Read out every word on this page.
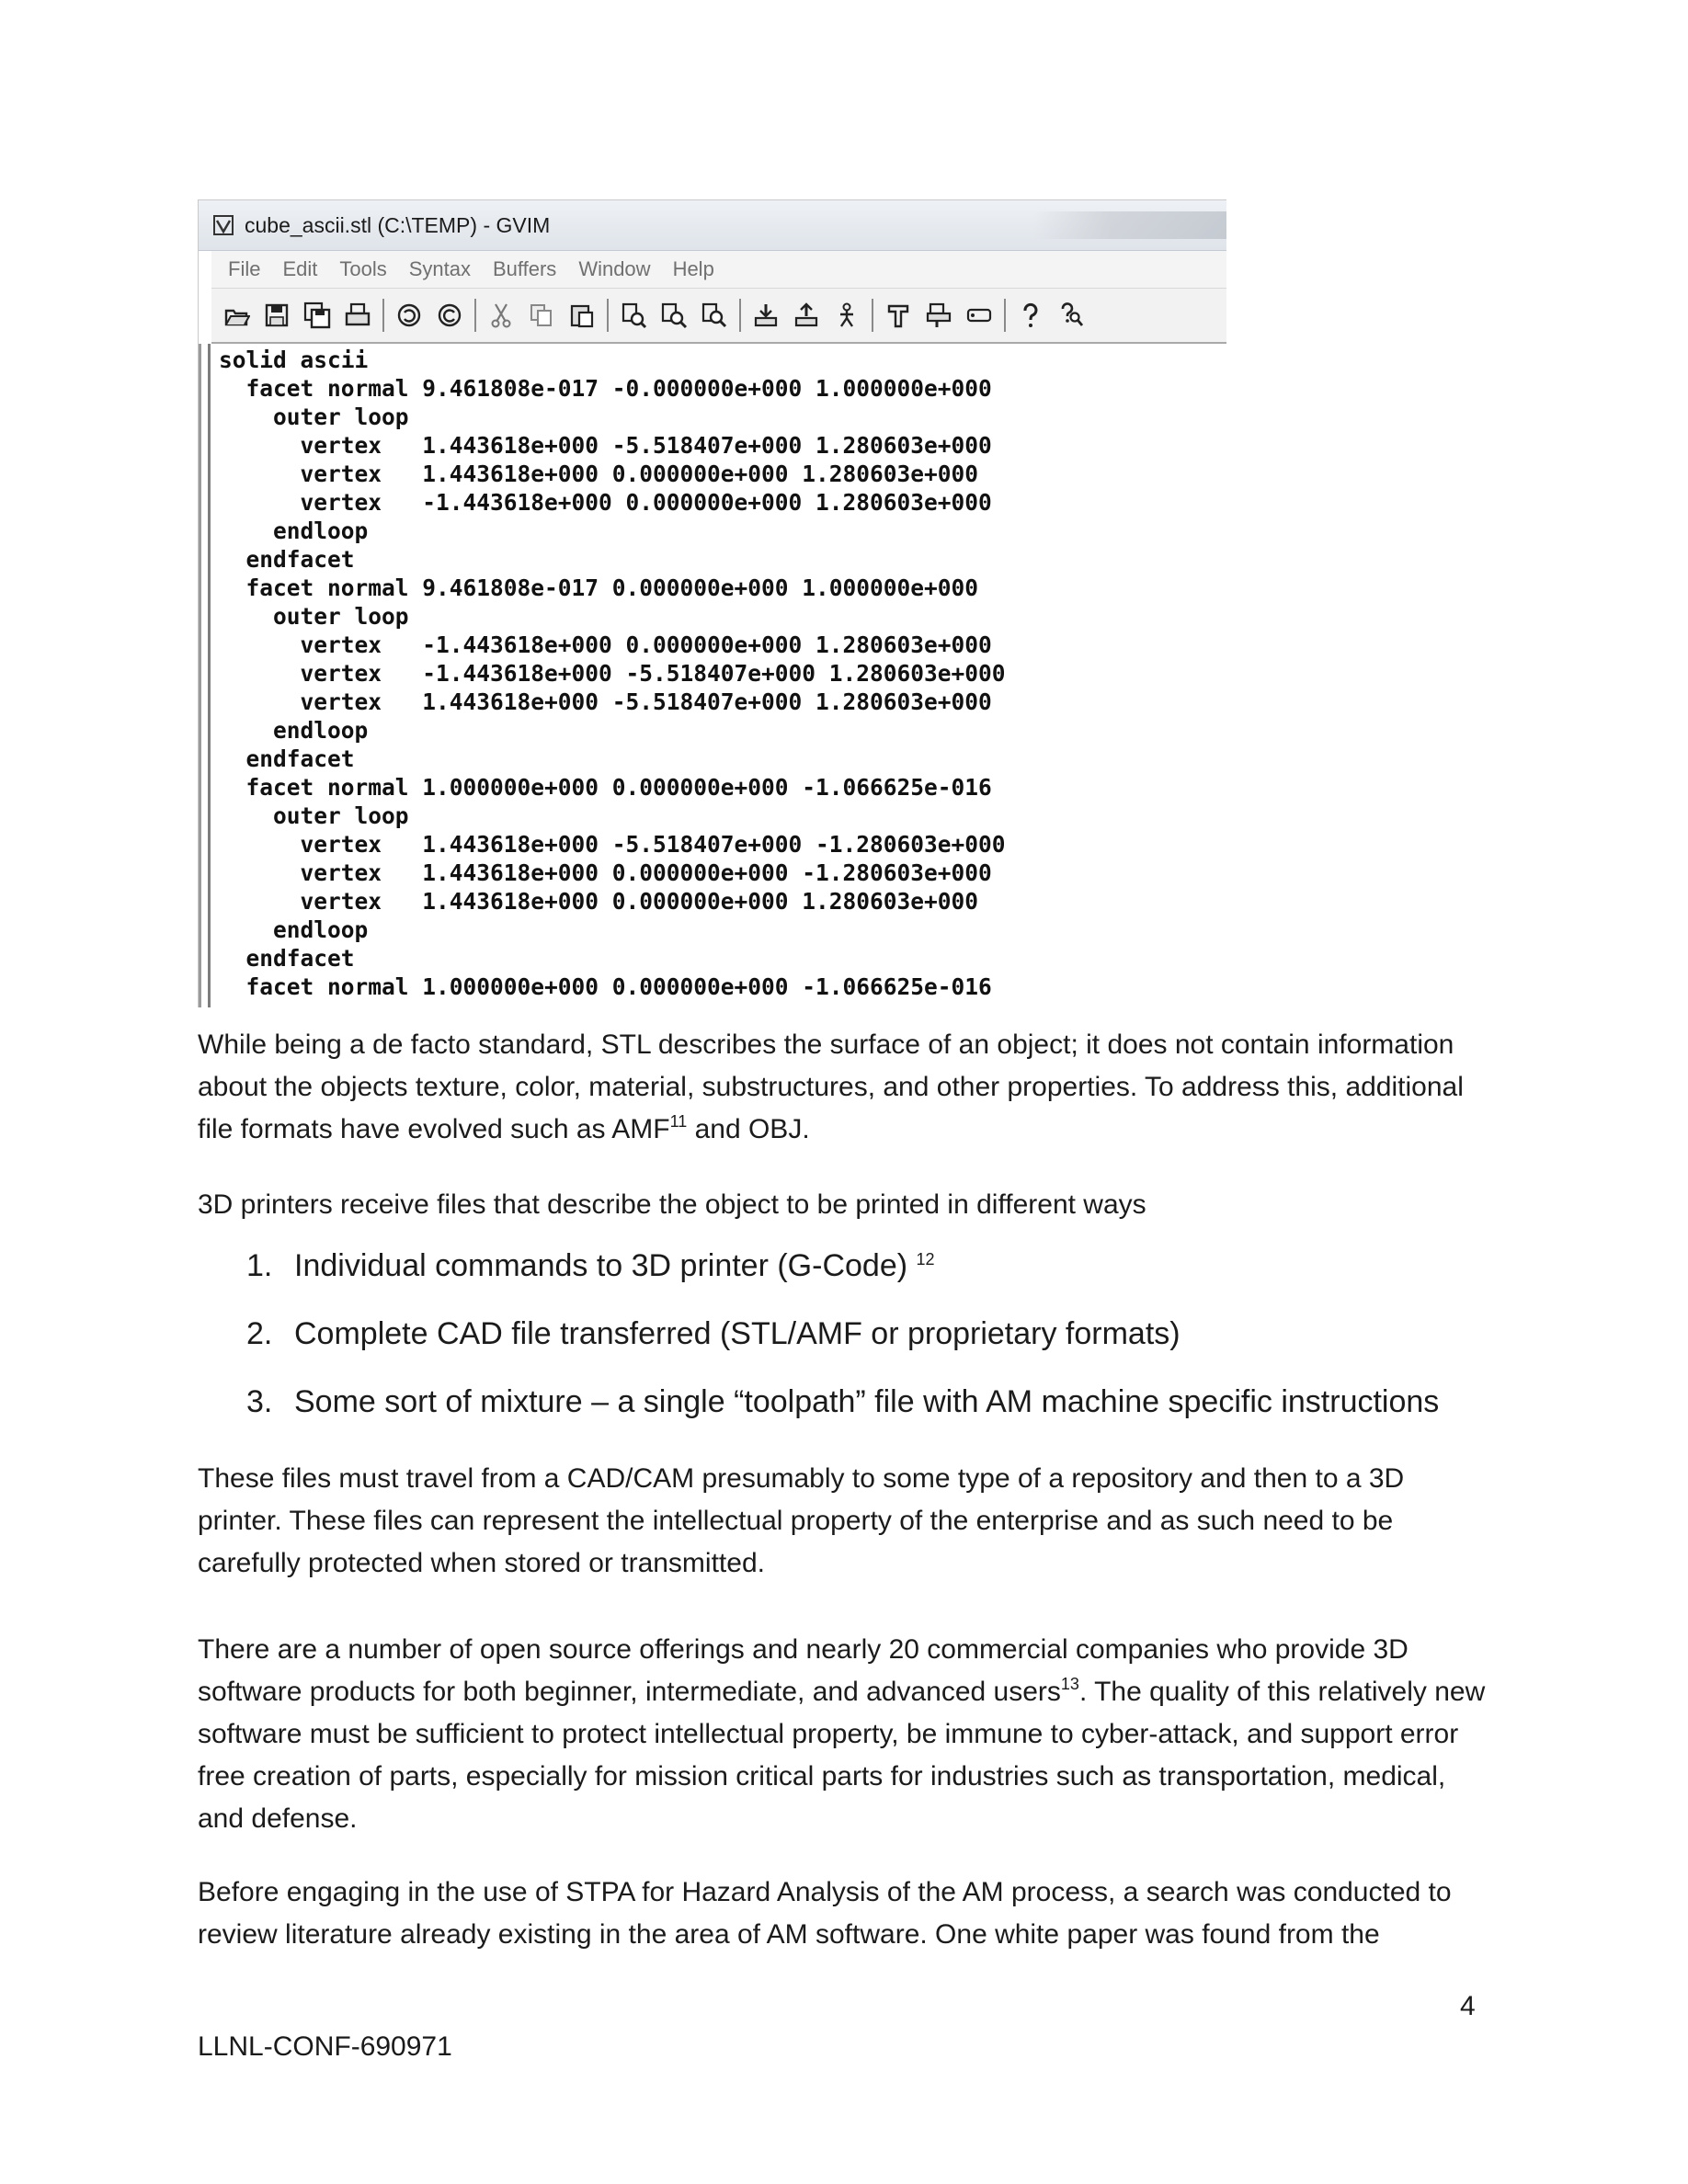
cube_ascii.stl (C:\TEMP) - GVIM
File Edit Tools Syntax Buffers Window Help
solid ascii
facet normal 9.461808e-017 -0.000000e+000 1.000000e+000
outer loop
vertex   1.443618e+000 -5.518407e+000 1.280603e+000
vertex   1.443618e+000 0.000000e+000 1.280603e+000
vertex   -1.443618e+000 0.000000e+000 1.280603e+000
endloop
endfacet
facet normal 9.461808e-017 0.000000e+000 1.000000e+000
outer loop
vertex   -1.443618e+000 0.000000e+000 1.280603e+000
vertex   -1.443618e+000 -5.518407e+000 1.280603e+000
vertex   1.443618e+000 -5.518407e+000 1.280603e+000
endloop
endfacet
facet normal 1.000000e+000 0.000000e+000 -1.066625e-016
outer loop
vertex   1.443618e+000 -5.518407e+000 -1.280603e+000
vertex   1.443618e+000 0.000000e+000 -1.280603e+000
vertex   1.443618e+000 0.000000e+000 1.280603e+000
endloop
endfacet
facet normal 1.000000e+000 0.000000e+000 -1.066625e-016

While being a de facto standard, STL describes the surface of an object; it does not contain information about the objects texture, color, material, substructures, and other properties. To address this, additional file formats have evolved such as AMF$^{11}$ and OBJ.

3D printers receive files that describe the object to be printed in different ways

1. Individual commands to 3D printer (G-Code) $^{12}$
2. Complete CAD file transferred (STL/AMF or proprietary formats)
3. Some sort of mixture – a single “toolpath” file with AM machine specific instructions

These files must travel from a CAD/CAM presumably to some type of a repository and then to a 3D printer. These files can represent the intellectual property of the enterprise and as such need to be carefully protected when stored or transmitted.

There are a number of open source offerings and nearly 20 commercial companies who provide 3D software products for both beginner, intermediate, and advanced users$^{13}$. The quality of this relatively new software must be sufficient to protect intellectual property, be immune to cyber-attack, and support error free creation of parts, especially for mission critical parts for industries such as transportation, medical, and defense.

Before engaging in the use of STPA for Hazard Analysis of the AM process, a search was conducted to review literature already existing in the area of AM software. One white paper was found from the

4
LLNL-CONF-690971
